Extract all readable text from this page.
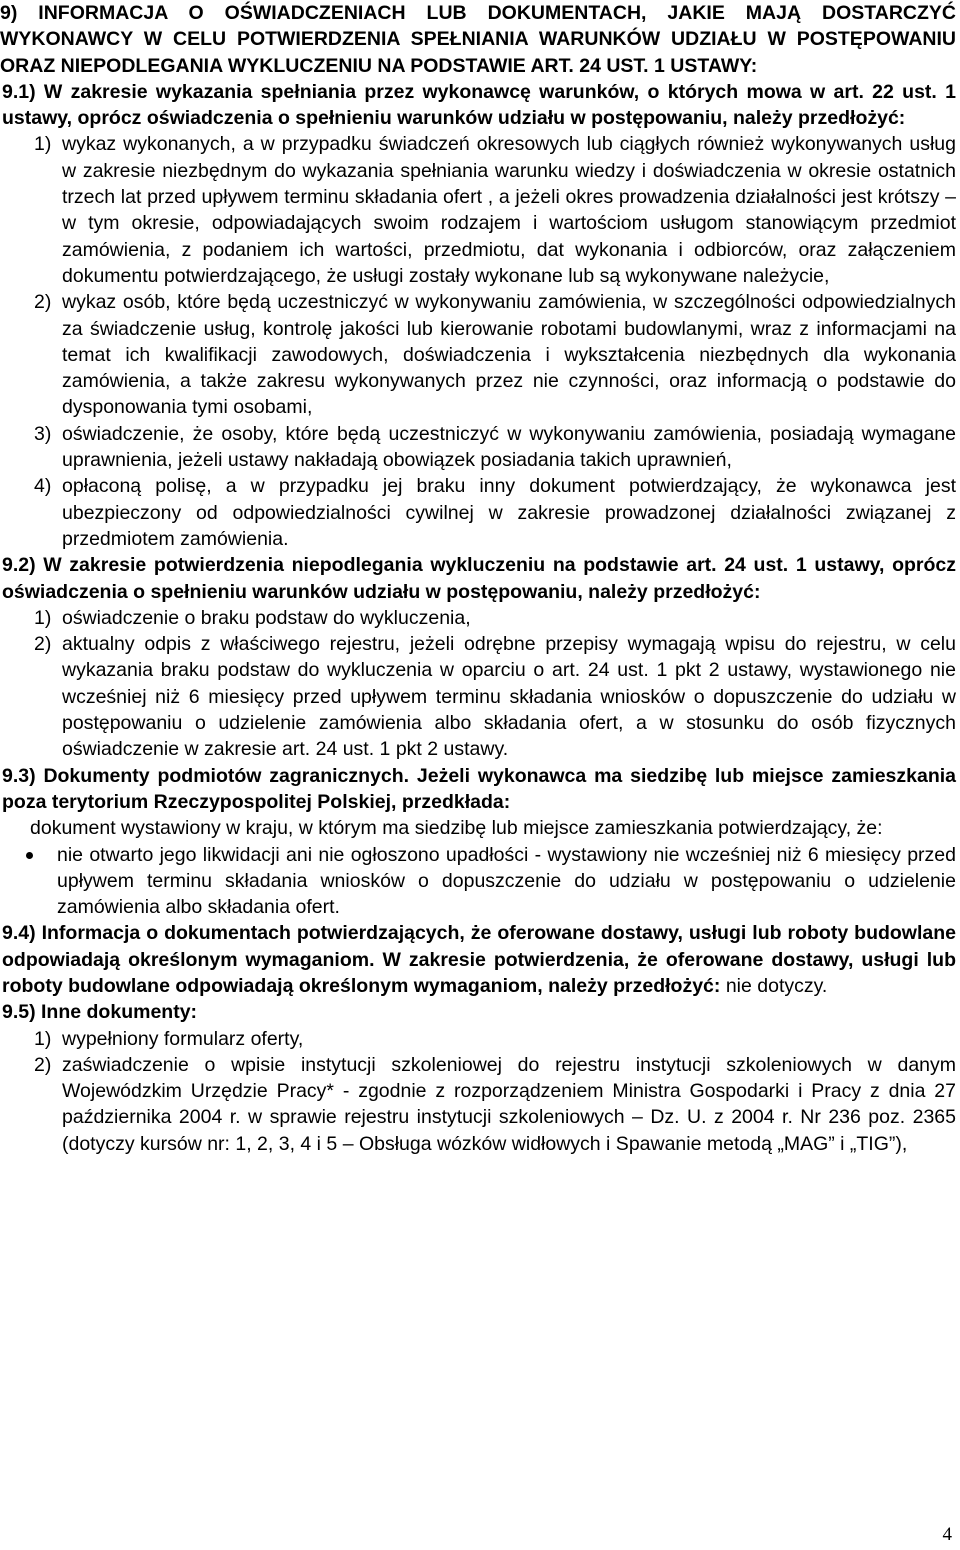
9) INFORMACJA O OŚWIADCZENIACH LUB DOKUMENTACH, JAKIE MAJĄ DOSTARCZYĆ WYKONAWCY W CELU POTWIERDZENIA SPEŁNIANIA WARUNKÓW UDZIAŁU W POSTĘPOWANIU ORAZ NIEPODLEGANIA WYKLUCZENIU NA PODSTAWIE ART. 24 UST. 1 USTAWY:

9.1) W zakresie wykazania spełniania przez wykonawcę warunków, o których mowa w art. 22 ust. 1 ustawy, oprócz oświadczenia o spełnieniu warunków udziału w postępowaniu, należy przedłożyć:

1) wykaz wykonanych, a w przypadku świadczeń okresowych lub ciągłych również wykonywanych usług w zakresie niezbędnym do wykazania spełniania warunku wiedzy i doświadczenia w okresie ostatnich trzech lat przed upływem terminu składania ofert , a jeżeli okres prowadzenia działalności jest krótszy – w tym okresie, odpowiadających swoim rodzajem i wartościom usługom stanowiącym przedmiot zamówienia, z podaniem ich wartości, przedmiotu, dat wykonania i odbiorców, oraz załączeniem dokumentu potwierdzającego, że usługi zostały wykonane lub są wykonywane należycie,
2) wykaz osób, które będą uczestniczyć w wykonywaniu zamówienia, w szczególności odpowiedzialnych za świadczenie usług, kontrolę jakości lub kierowanie robotami budowlanymi, wraz z informacjami na temat ich kwalifikacji zawodowych, doświadczenia i wykształcenia niezbędnych dla wykonania zamówienia, a także zakresu wykonywanych przez nie czynności, oraz informacją o podstawie do dysponowania tymi osobami,
3) oświadczenie, że osoby, które będą uczestniczyć w wykonywaniu zamówienia, posiadają wymagane uprawnienia, jeżeli ustawy nakładają obowiązek posiadania takich uprawnień,
4) opłaconą polisę, a w przypadku jej braku inny dokument potwierdzający, że wykonawca jest ubezpieczony od odpowiedzialności cywilnej w zakresie prowadzonej działalności związanej z przedmiotem zamówienia.

9.2) W zakresie potwierdzenia niepodlegania wykluczeniu na podstawie art. 24 ust. 1 ustawy, oprócz oświadczenia o spełnieniu warunków udziału w postępowaniu, należy przedłożyć:

1) oświadczenie o braku podstaw do wykluczenia,
2) aktualny odpis z właściwego rejestru, jeżeli odrębne przepisy wymagają wpisu do rejestru, w celu wykazania braku podstaw do wykluczenia w oparciu o art. 24 ust. 1 pkt 2 ustawy, wystawionego nie wcześniej niż 6 miesięcy przed upływem terminu składania wniosków o dopuszczenie do udziału w postępowaniu o udzielenie zamówienia albo składania ofert, a w stosunku do osób fizycznych oświadczenie w zakresie art. 24 ust. 1 pkt 2 ustawy.

9.3) Dokumenty podmiotów zagranicznych. Jeżeli wykonawca ma siedzibę lub miejsce zamieszkania poza terytorium Rzeczypospolitej Polskiej, przedkłada:

dokument wystawiony w kraju, w którym ma siedzibę lub miejsce zamieszkania potwierdzający, że:

nie otwarto jego likwidacji ani nie ogłoszono upadłości - wystawiony nie wcześniej niż 6 miesięcy przed upływem terminu składania wniosków o dopuszczenie do udziału w postępowaniu o udzielenie zamówienia albo składania ofert.

9.4) Informacja o dokumentach potwierdzających, że oferowane dostawy, usługi lub roboty budowlane odpowiadają określonym wymaganiom. W zakresie potwierdzenia, że oferowane dostawy, usługi lub roboty budowlane odpowiadają określonym wymaganiom, należy przedłożyć: nie dotyczy.

9.5) Inne dokumenty:

1) wypełniony formularz oferty,
2) zaświadczenie o wpisie instytucji szkoleniowej do rejestru instytucji szkoleniowych w danym Wojewódzkim Urzędzie Pracy* - zgodnie z rozporządzeniem Ministra Gospodarki i Pracy z dnia 27 października 2004 r. w sprawie rejestru instytucji szkoleniowych – Dz. U. z 2004 r. Nr 236 poz. 2365 (dotyczy kursów nr: 1, 2, 3, 4 i 5 – Obsługa wózków widłowych i Spawanie metodą „MAG” i „TIG”),
4
